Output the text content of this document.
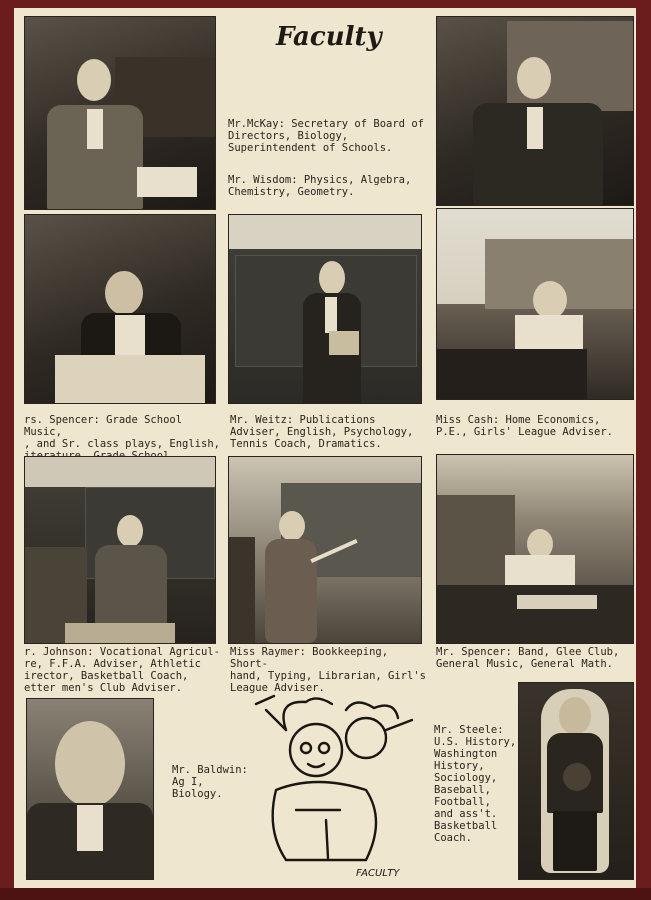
Faculty
Mr.McKay: Secretary of Board of Directors, Biology, Superintendent of Schools.
Mr. Wisdom: Physics, Algebra, Chemistry, Geometry.
rs. Spencer: Grade School Music,
, and Sr. class plays, English,

Mr. Weitz: Publications Adviser, English, Psychology, Tennis Coach, Dramatics.
Miss Cash: Home Economics, P.E., Girls' League Adviser.
r. Johnson: Vocational Agricul-
re, F.F.A. Adviser, Athletic
irector, Basketball Coach,
etter men's Club Adviser.
Miss Raymer: Bookkeeping, Short-
hand, Typing, Librarian, Girl's
League Adviser.
Mr. Spencer: Band, Glee Club, General Music, General Math.
Mr. Baldwin:
Ag I, Biology.
FACULTY
Mr. Steele:
U.S. History,
Washington
History,
Sociology,
Baseball,
Football,
and ass't.
Basketball
Coach.
